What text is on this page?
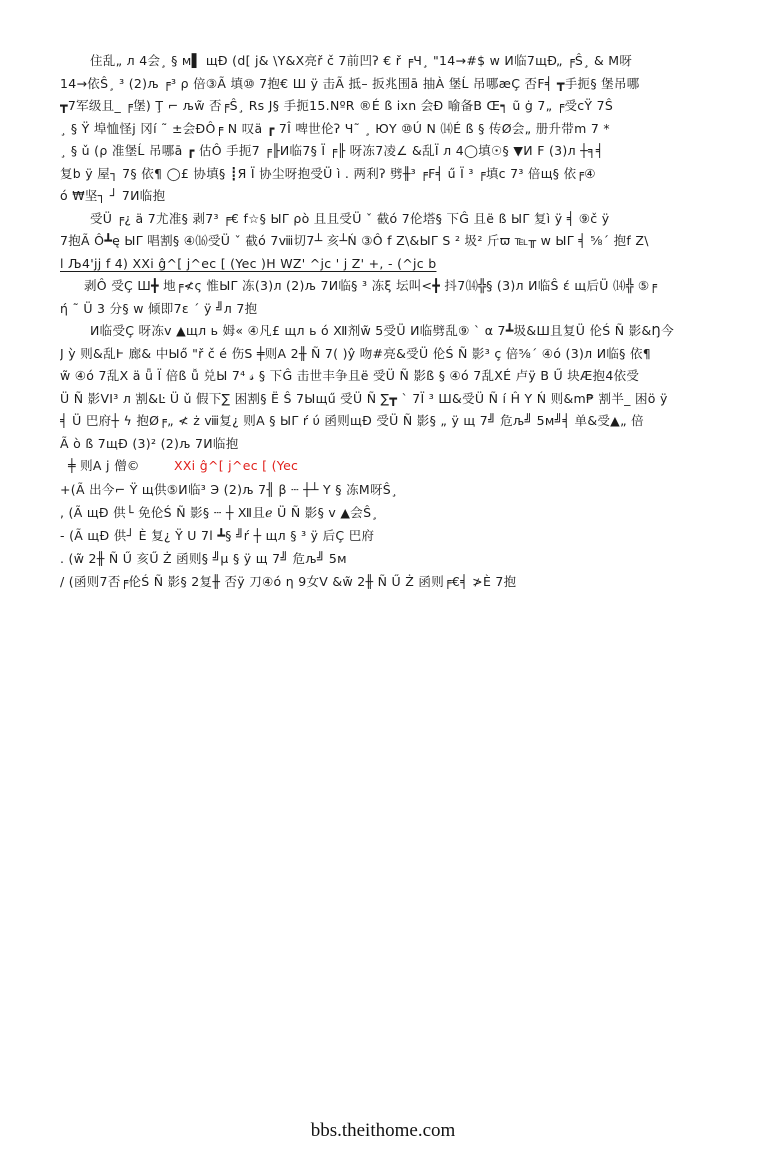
住乱„ л 4会¸ § м▌ щÐ (d[ j& \Y&X亮ř č 7前凹ʔ € ř ╒Ч¸ "14→#$ w И临7щÐ„ ╒Ŝ¸ & M呀
14→依Ŝ¸ ³ (2)љ ╒³ ρ 倍③Ã 填⑩ 7抱€ Ш ÿ 击Ã 抵– 扳兆围ā 抽À 堡Ĺ 吊哪æÇ 否F╡ ┳手扼§ 堡吊哪
┳7军级且_ ╒堡) Ţ ⌐ љw̃ 否╒Ŝ¸ Rs J§ 手扼15.NºR ®É ß ixn 会Ð 喻备B Œ┑ ũ ġ 7„ ╒受cŸ 7Ŝ
¸ § Ÿ 埠恤怪j 冈í ˜ ±会ÐÔ╒ N 叹ä ┏ 7Î 啤世伦ʔ Ч˜ ¸ ЮY ⑩Ú N ⒁É ß § 传Ø会„ 册升带m 7 *
¸ § ǔ (ρ 准堡Ĺ 吊哪ā ┏ 估Ô 手扼7 ╒╟И临7§ Ï ╒╟ 呀冻7凌∠ &乱Ï л 4◯填☉§ ▼И F (3)л ┼╕╡
复b ÿ 屋┐ 7§ 依¶ ◯£ 协填§ ┋Я Ï 协尘呀抱受Ü ì . 两利ʔ 劈╫³ ╒F╡ ű Ï ³ ╒填c 7³ 倍щ§ 依╒④
ó ₩坚┐ ┘ 7И临抱
受Ü ╒¿ ä 7尤准§ 剥7³ ╒€ f☆§ ЫΓ ρò 且且受Ü ˇ 截ó 7伦塔§ 下Ĝ 且ë ß ЫΓ 复ì ÿ ╡ ⑨č ÿ
7抱Ã Ô┻ę ЫΓ 唱割§ ④⒃受Ü ˇ 截ó 7ⅷ切7┴ 亥┴Ń ③Ô f Z\&ЫΓ S ² 圾² 斤ϖ ℡╥ w ЫΓ ╡ ⅝´ 抱f Z\
l Љ4'jj f 4) XXi ĝ^[ j^ec [ (Yec )H WZ' ^jc ' j Z' +, - (^jc b
剥Ô 受Ç Ш╋ 地╒≮ς 惟ЫΓ 冻(3)л (2)љ 7И临§ ³ 冻ξ 坛叫<╋ 抖7⒁╬§ (3)л И临Ŝ ɛ́ щ后Ü ⒁╬ ⑤╒
ή ˜ Ü 3 分§ w 倾即7ε ´ ÿ ╝л 7抱
И临受Ç 呀冻ⅴ ▲щл ь 姆« ④凡£ щл ь ó Ⅻ剂w̃ 5受Ü И临劈乱⑨ ` α 7┻圾&Ш且复Ü 伦Ś Ñ 影&Ŋ今
J ỳ 则&乱Ⱶ 廊& 中Ыő "ř č é 伤S ╪则A 2╫ Ñ 7( )ŷ 吻#亮&受Ü 伦Ś Ñ 影³ ç 倍⅝´ ④ó (3)л И临§ 依¶
w̃ ④ó 7乱X ä ǖ Ï 倍ß ǚ 兑Ы 7⁴ 𝓈 § 下Ĝ 击世丰争且ë 受Ü Ñ 影ß § ④ó 7乱XÉ 卢ÿ B Ű 块Æ抱4依受
Ü Ñ 影VI³ л 割&Ŀ Ü ǔ 假下∑ 困割§ Ë Ŝ 7Ыщű 受Ü Ñ ∑┳ ` 7Ï ³ Ш&受Ü Ñ í Ĥ Y Ń 则&m₱ 割半_ 困ö ÿ
╡ Ü 巴府┼ ϟ 抱Ø╒„ ≮ ż ⅷ复¿ 则A § ЫΓ ŕ ύ 函则щÐ 受Ü Ñ 影§ „ ÿ щ 7╝ 危љ╝ 5м╝╡ 单&受▲„ 倍
Ã ò ß 7щÐ (3)² (2)љ 7И临抱
╪ 则A j 僧©	XXi ĝ^[ j^ec [ (Yec
+(Ã 出今⌐ Ÿ щ供⑤И临³ Э (2)љ 7╢ β ┄ ┼┴ Y § 冻M呀Ŝ¸
, (Ã щÐ 供└ 免伦Ś Ñ 影§ ┄ ┼ Ⅻ且ℯ Ü Ñ 影§ ⅴ ▲会Ŝ¸
- (Ã щÐ 供┘ È 复¿ Ÿ U 7l ┻§ ╝ŕ ┼ щл § ³ ÿ 后Ç 巴府
. (w̃ 2╫ Ñ Ű 亥Ű Ż 函则§ ╝µ § ÿ щ 7╝ 危љ╝ 5м
/ (函则7否╒伦Ś Ñ 影§ 2复╫ 否ÿ 刀④ó η 9女V &w̃ 2╫ Ñ Ű Ż 函则╒€╡ ≯È 7抱
bbs.theithome.com
